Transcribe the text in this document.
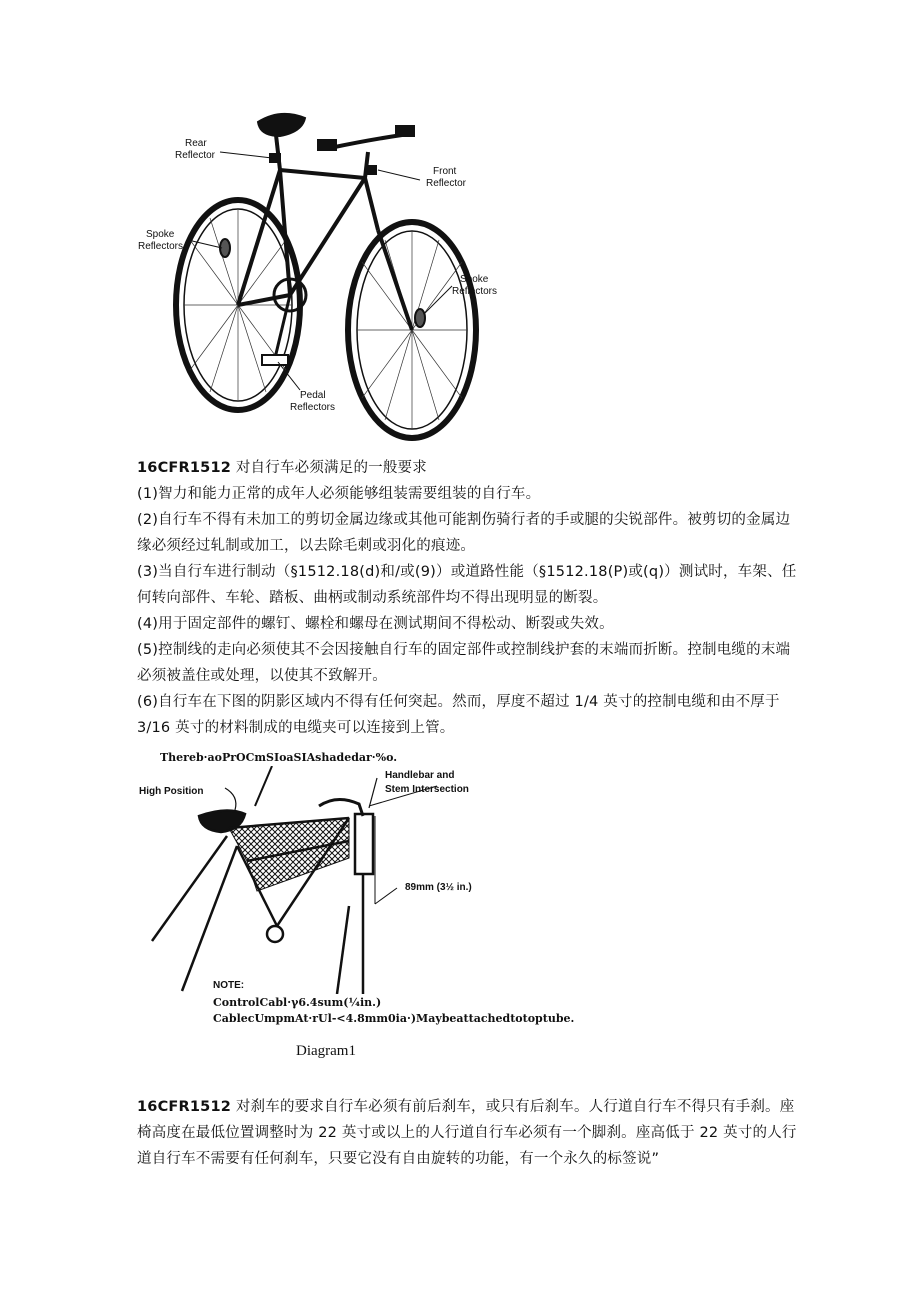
Rear Reflector
Front Reflector
Spoke Reflectors
Spoke Reflectors
Pedal Reflectors

16CFR1512 对自行车必须满足的一般要求

(1)智力和能力正常的成年人必须能够组装需要组装的自行车。

(2)自行车不得有未加工的剪切金属边缘或其他可能割伤骑行者的手或腿的尖锐部件。被剪切的金属边缘必须经过轧制或加工，以去除毛刺或羽化的痕迹。

(3)当自行车进行制动（§1512.18(d)和/或(9)）或道路性能（§1512.18(P)或(q)）测试时，车架、任何转向部件、车轮、踏板、曲柄或制动系统部件均不得出现明显的断裂。

(4)用于固定部件的螺钉、螺栓和螺母在测试期间不得松动、断裂或失效。

(5)控制线的走向必须使其不会因接触自行车的固定部件或控制线护套的末端而折断。控制电缆的末端必须被盖住或处理，以使其不致解开。

(6)自行车在下图的阴影区域内不得有任何突起。然而，厚度不超过 1/4 英寸的控制电缆和由不厚于 3/16 英寸的材料制成的电缆夹可以连接到上管。

Thereb·aoPrOCmSIoaSIAshadedar·%o.
High Position
Handlebar and Stem Intersection
89mm (3½ in.)
NOTE:
ControlCabl·γ6.4sum(¼in.)
CablecUmpmAt·rUl-<4.8mm0ia·)Maybeattachedtotoptube.
Diagram1

16CFR1512 对刹车的要求自行车必须有前后刹车，或只有后刹车。人行道自行车不得只有手刹。座椅高度在最低位置调整时为 22 英寸或以上的人行道自行车必须有一个脚刹。座高低于 22 英寸的人行道自行车不需要有任何刹车，只要它没有自由旋转的功能，有一个永久的标签说”
